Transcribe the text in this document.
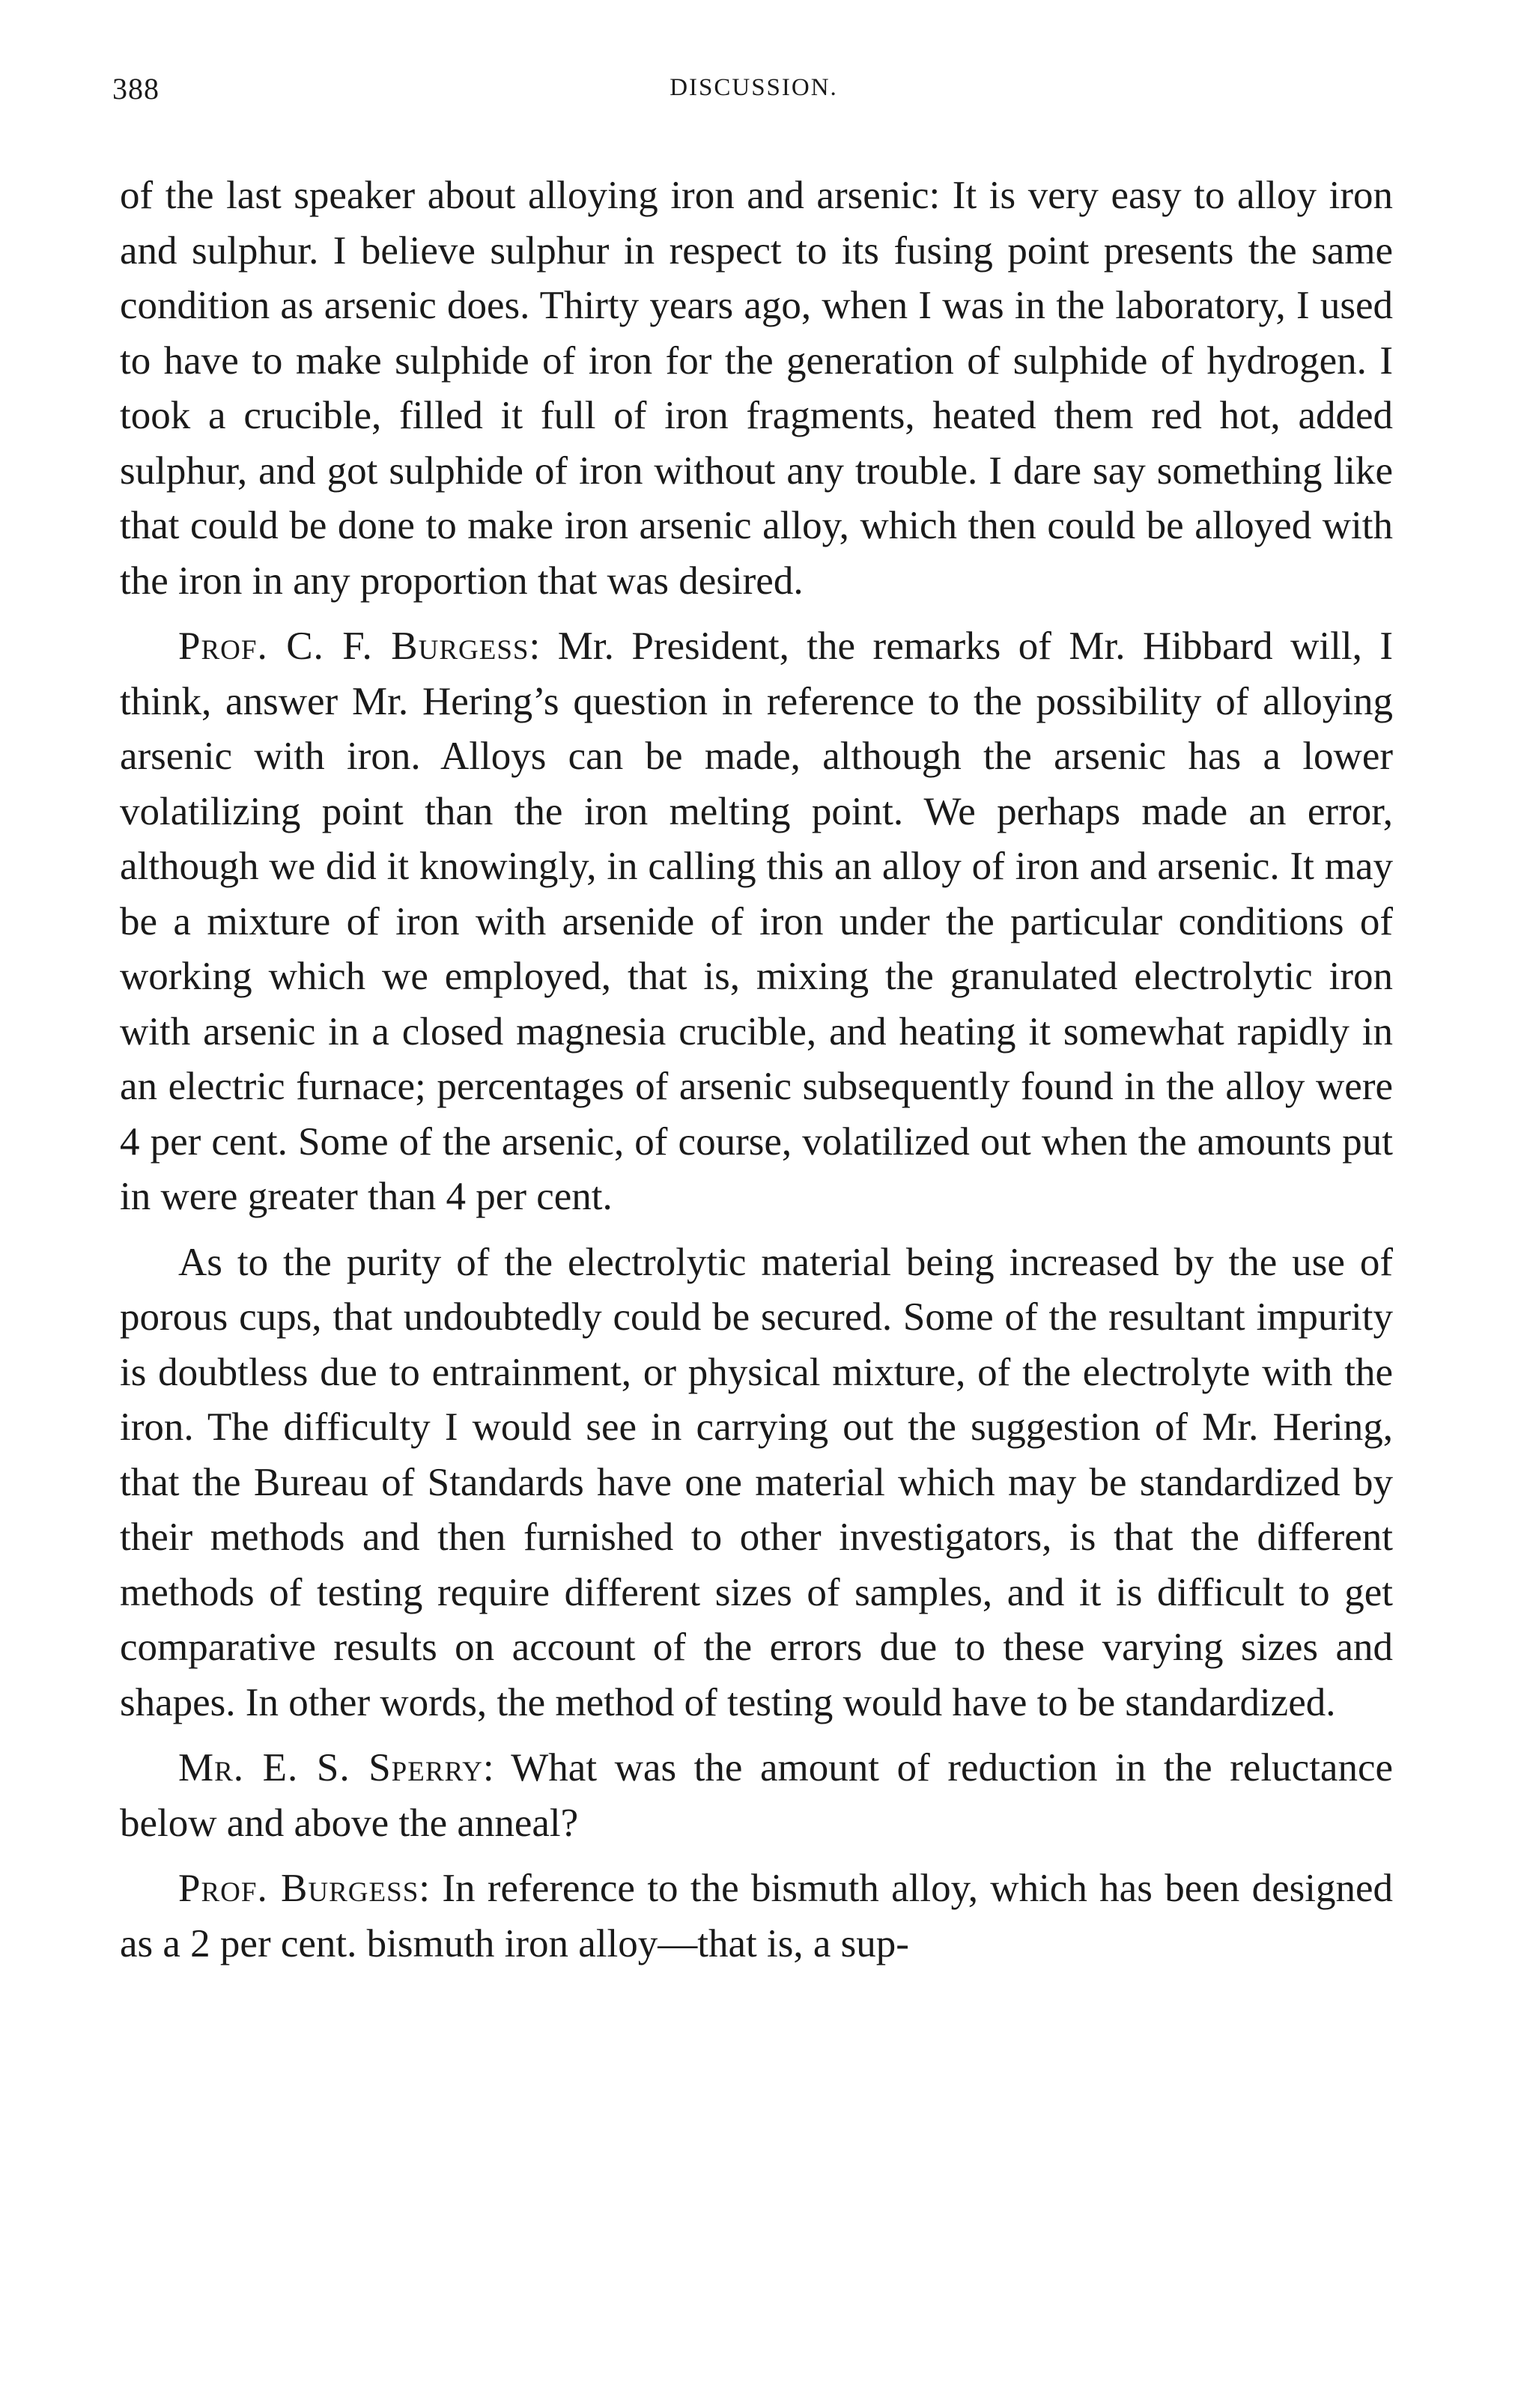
388	DISCUSSION.

of the last speaker about alloying iron and arsenic: It is very easy to alloy iron and sulphur. I believe sulphur in respect to its fusing point presents the same condition as arsenic does. Thirty years ago, when I was in the laboratory, I used to have to make sulphide of iron for the generation of sulphide of hydrogen. I took a crucible, filled it full of iron fragments, heated them red hot, added sulphur, and got sulphide of iron without any trouble. I dare say something like that could be done to make iron arsenic alloy, which then could be alloyed with the iron in any proportion that was desired.

Prof. C. F. Burgess: Mr. President, the remarks of Mr. Hibbard will, I think, answer Mr. Hering’s question in reference to the possibility of alloying arsenic with iron. Alloys can be made, although the arsenic has a lower volatilizing point than the iron melting point. We perhaps made an error, although we did it knowingly, in calling this an alloy of iron and arsenic. It may be a mixture of iron with arsenide of iron under the particular conditions of working which we employed, that is, mixing the granulated electrolytic iron with arsenic in a closed magnesia crucible, and heating it somewhat rapidly in an electric furnace; percentages of arsenic subsequently found in the alloy were 4 per cent. Some of the arsenic, of course, volatilized out when the amounts put in were greater than 4 per cent.

As to the purity of the electrolytic material being increased by the use of porous cups, that undoubtedly could be secured. Some of the resultant impurity is doubtless due to entrainment, or physical mixture, of the electrolyte with the iron. The difficulty I would see in carrying out the suggestion of Mr. Hering, that the Bureau of Standards have one material which may be standardized by their methods and then furnished to other investigators, is that the different methods of testing require different sizes of samples, and it is difficult to get comparative results on account of the errors due to these varying sizes and shapes. In other words, the method of testing would have to be standardized.

Mr. E. S. Sperry: What was the amount of reduction in the reluctance below and above the anneal?

Prof. Burgess: In reference to the bismuth alloy, which has been designed as a 2 per cent. bismuth iron alloy—that is, a sup-
